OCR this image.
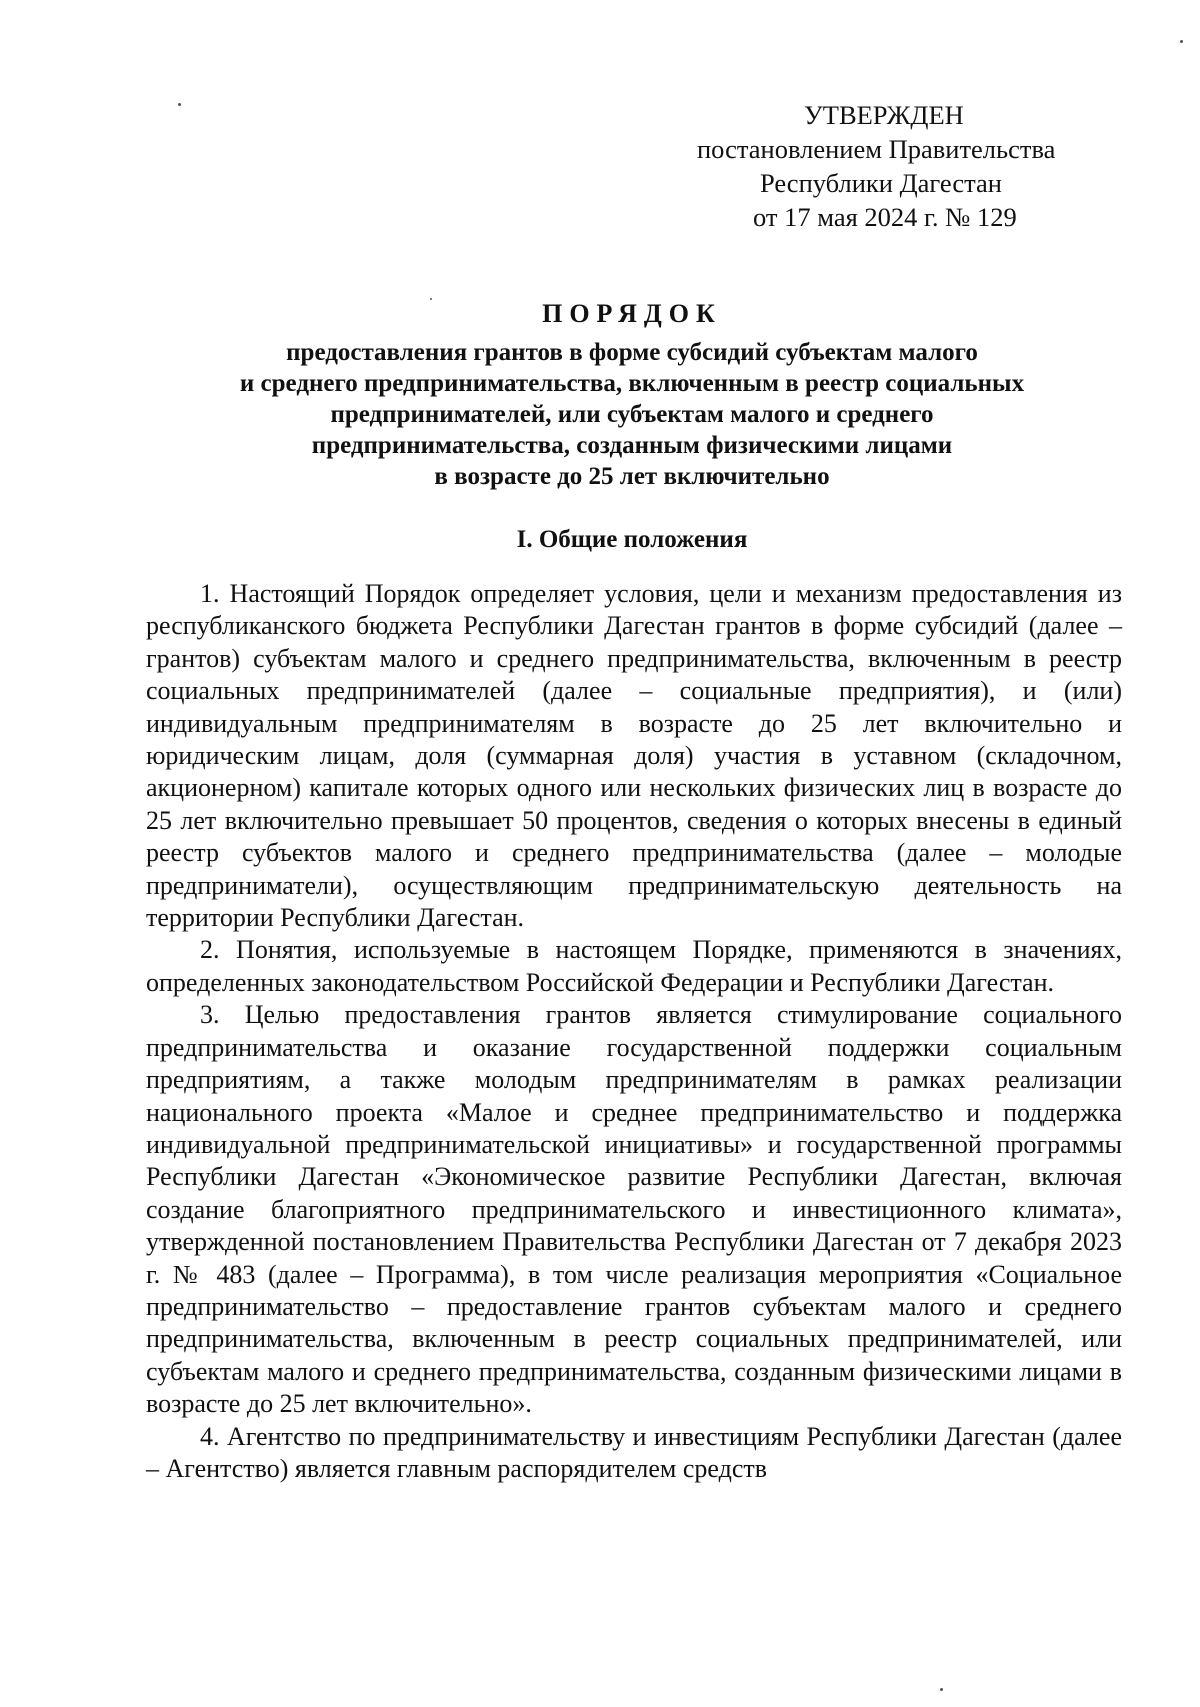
УТВЕРЖДЕН
постановлением Правительства
Республики Дагестан
от 17 мая 2024 г. № 129
ПОРЯДОК
предоставления грантов в форме субсидий субъектам малого
и среднего предпринимательства, включенным в реестр социальных
предпринимателей, или субъектам малого и среднего
предпринимательства, созданным физическими лицами
в возрасте до 25 лет включительно
I. Общие положения

1. Настоящий Порядок определяет условия, цели и механизм предоставления из республиканского бюджета Республики Дагестан грантов в форме субсидий (далее – грантов) субъектам малого и среднего предпринимательства, включенным в реестр социальных предпринимателей (далее – социальные предприятия), и (или) индивидуальным предпринимателям в возрасте до 25 лет включительно и юридическим лицам, доля (суммарная доля) участия в уставном (складочном, акционерном) капитале которых одного или нескольких физических лиц в возрасте до 25 лет включительно превышает 50 процентов, сведения о которых внесены в единый реестр субъектов малого и среднего предпринимательства (далее – молодые предприниматели), осуществляющим предпринимательскую деятельность на территории Республики Дагестан.

2. Понятия, используемые в настоящем Порядке, применяются в значениях, определенных законодательством Российской Федерации и Республики Дагестан.

3. Целью предоставления грантов является стимулирование социального предпринимательства и оказание государственной поддержки социальным предприятиям, а также молодым предпринимателям в рамках реализации национального проекта «Малое и среднее предпринимательство и поддержка индивидуальной предпринимательской инициативы» и государственной программы Республики Дагестан «Экономическое развитие Республики Дагестан, включая создание благоприятного предпринимательского и инвестиционного климата», утвержденной постановлением Правительства Республики Дагестан от 7 декабря 2023 г. № 483 (далее – Программа), в том числе реализация мероприятия «Социальное предпринимательство – предоставление грантов субъектам малого и среднего предпринимательства, включенным в реестр социальных предпринимателей, или субъектам малого и среднего предпринимательства, созданным физическими лицами в возрасте до 25 лет включительно».

4. Агентство по предпринимательству и инвестициям Республики Дагестан (далее – Агентство) является главным распорядителем средств
